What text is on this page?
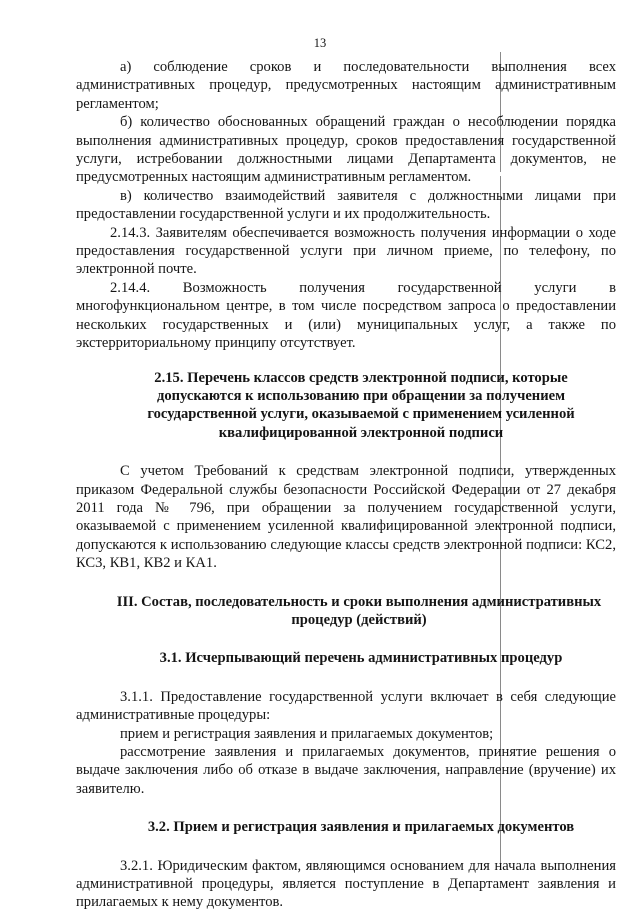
13

а) соблюдение сроков и последовательности выполнения всех административных процедур, предусмотренных настоящим административным регламентом;

б) количество обоснованных обращений граждан о несоблюдении порядка выполнения административных процедур, сроков предоставления государственной услуги, истребовании должностными лицами Департамента документов, не предусмотренных настоящим административным регламентом.

в) количество взаимодействий заявителя с должностными лицами при предоставлении государственной услуги и их продолжительность.

2.14.3. Заявителям обеспечивается возможность получения информации о ходе предоставления государственной услуги при личном приеме, по телефону, по электронной почте.

2.14.4. Возможность получения государственной услуги в многофункциональном центре, в том числе посредством запроса о предоставлении нескольких государственных и (или) муниципальных услуг, а также по экстерриториальному принципу отсутствует.

2.15. Перечень классов средств электронной подписи, которые допускаются к использованию при обращении за получением государственной услуги, оказываемой с применением усиленной квалифицированной электронной подписи

С учетом Требований к средствам электронной подписи, утвержденных приказом Федеральной службы безопасности Российской Федерации от 27 декабря 2011 года № 796, при обращении за получением государственной услуги, оказываемой с применением усиленной квалифицированной электронной подписи, допускаются к использованию следующие классы средств электронной подписи: КС2, КС3, КВ1, КВ2 и КА1.

III. Состав, последовательность и сроки выполнения административных процедур (действий)

3.1. Исчерпывающий перечень административных процедур

3.1.1. Предоставление государственной услуги включает в себя следующие административные процедуры:

прием и регистрация заявления и прилагаемых документов;

рассмотрение заявления и прилагаемых документов, принятие решения о выдаче заключения либо об отказе в выдаче заключения, направление (вручение) их заявителю.

3.2. Прием и регистрация заявления и прилагаемых документов

3.2.1. Юридическим фактом, являющимся основанием для начала выполнения административной процедуры, является поступление в Департамент заявления и прилагаемых к нему документов.
